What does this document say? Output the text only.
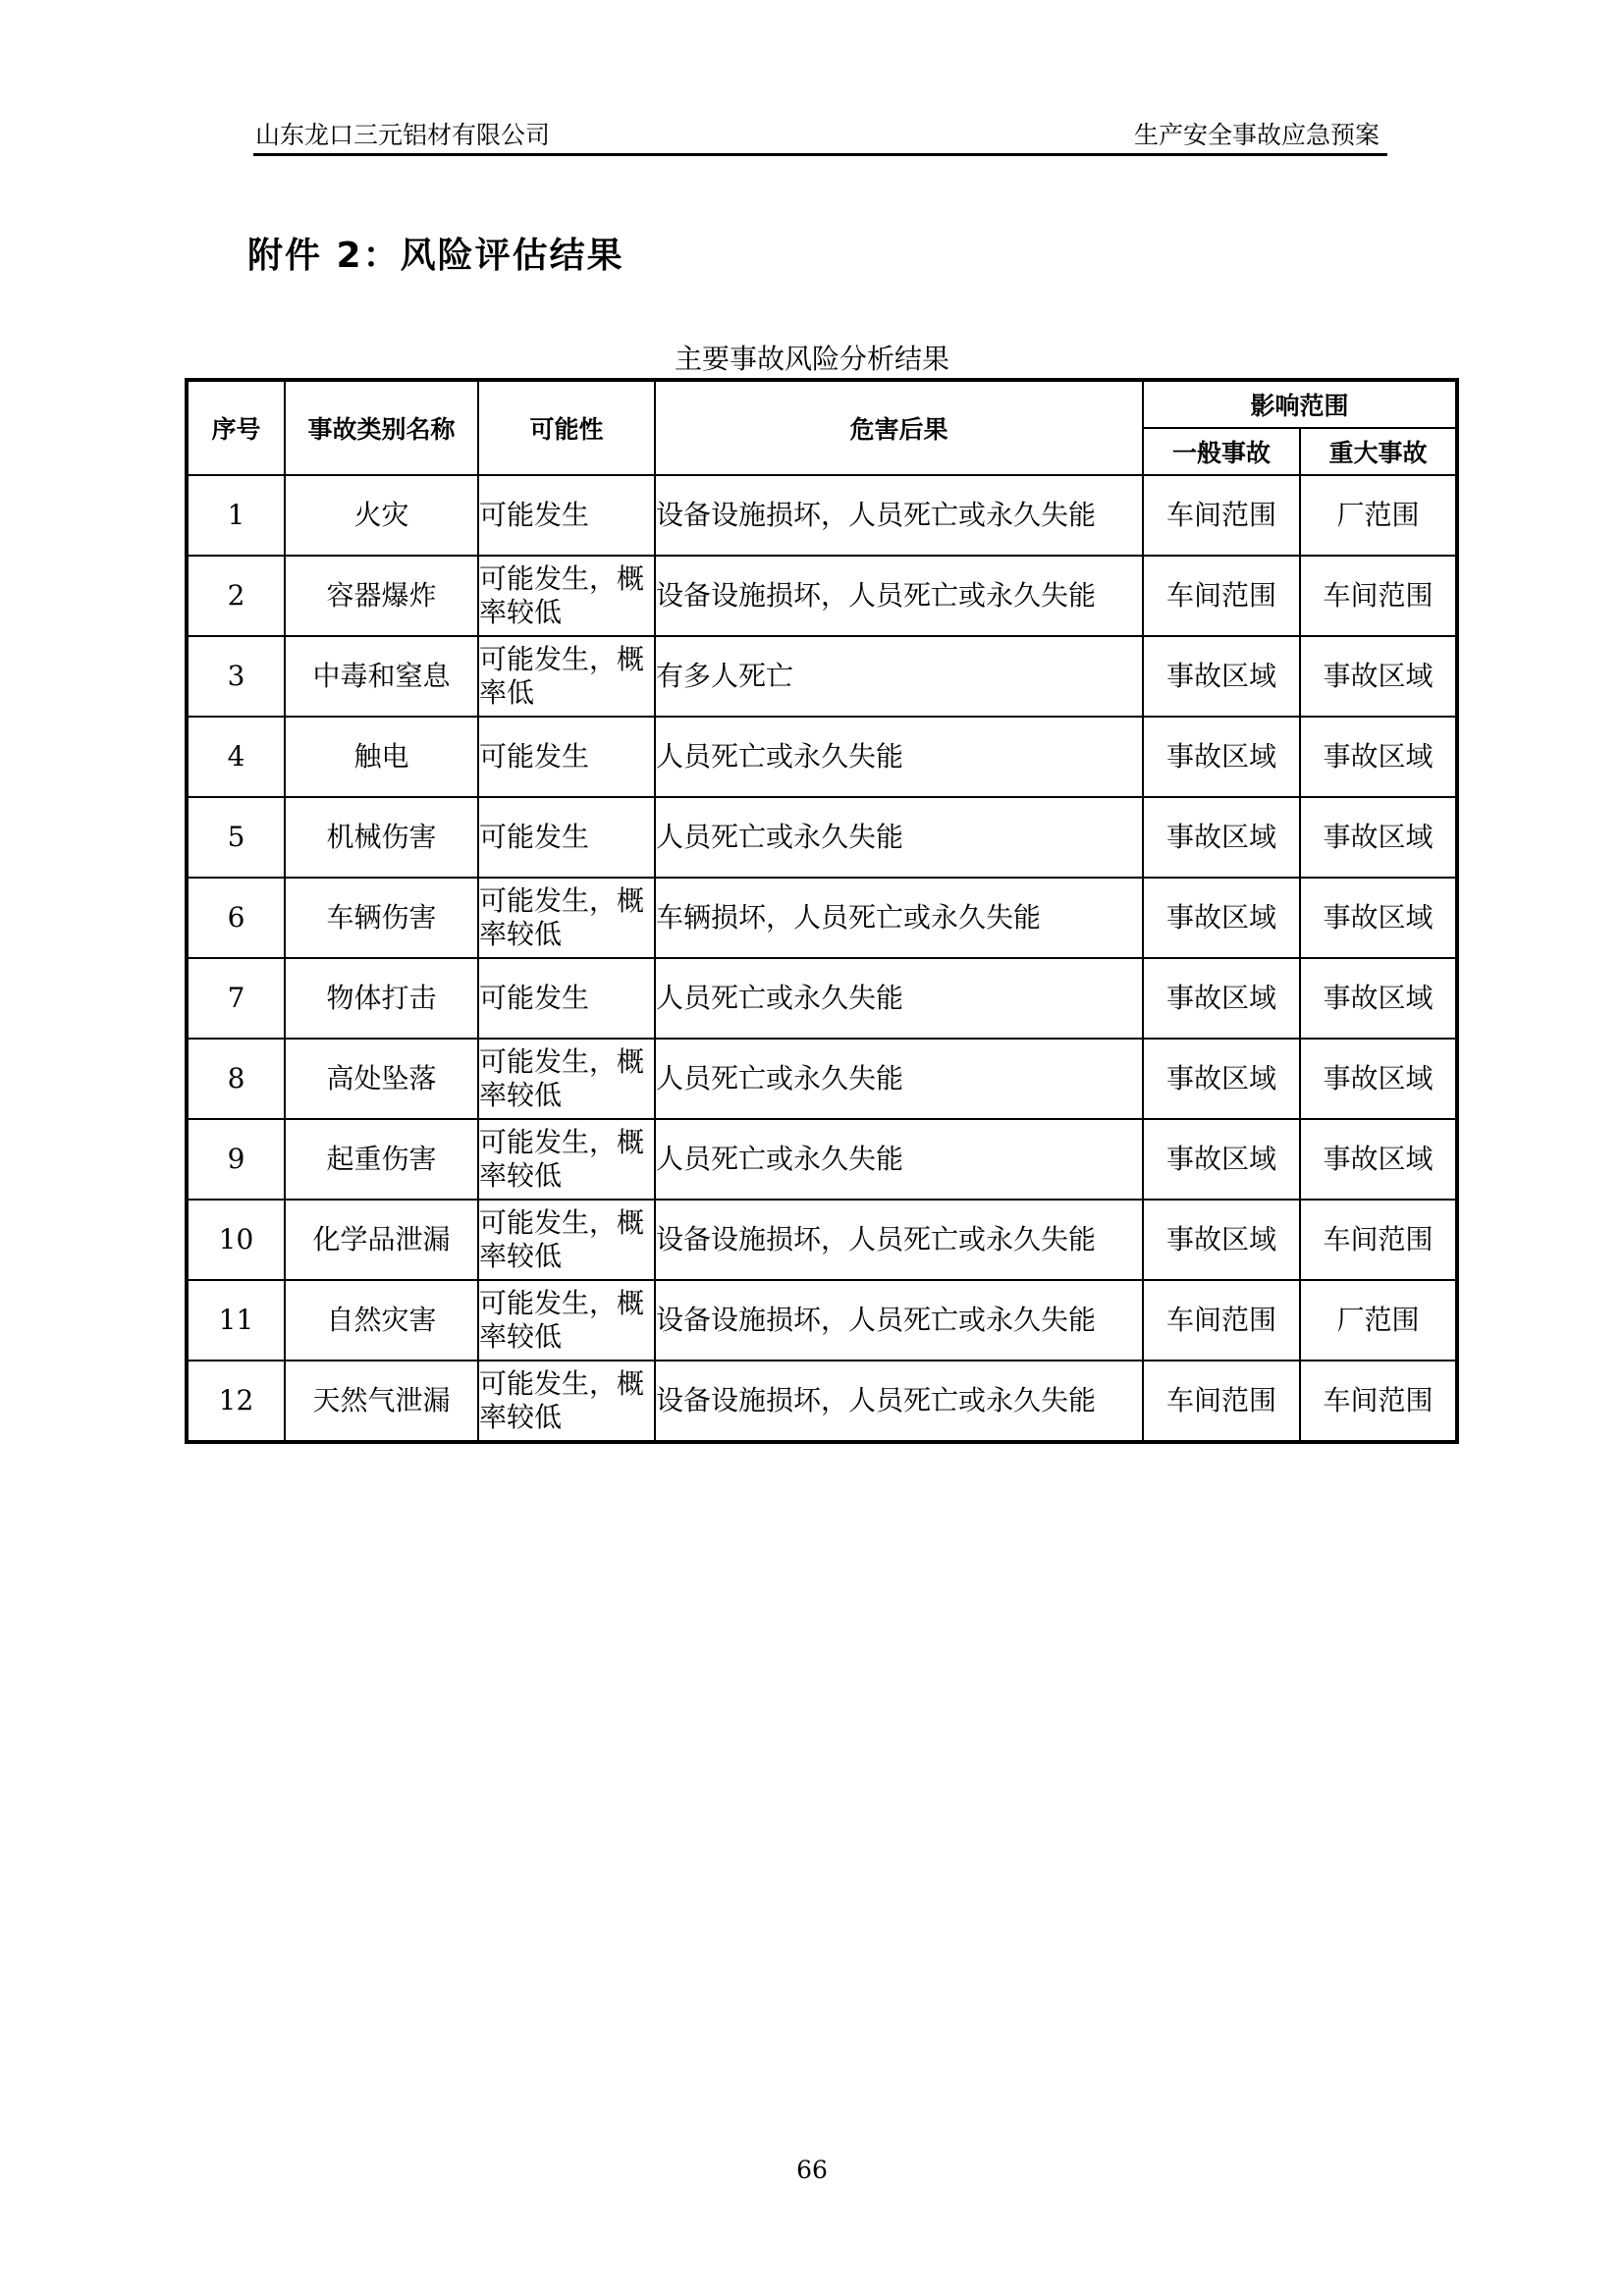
山东龙口三元铝材有限公司	生产安全事故应急预案
附件 2：风险评估结果
主要事故风险分析结果
序号	事故类别名称	可能性	危害后果	影响范围	
				一般事故	重大事故
1	火灾	可能发生	设备设施损坏，人员死亡或永久失能	车间范围	厂范围
2	容器爆炸	可能发生，概率较低	设备设施损坏，人员死亡或永久失能	车间范围	车间范围
3	中毒和窒息	可能发生，概率低	有多人死亡	事故区域	事故区域
4	触电	可能发生	人员死亡或永久失能	事故区域	事故区域
5	机械伤害	可能发生	人员死亡或永久失能	事故区域	事故区域
6	车辆伤害	可能发生，概率较低	车辆损坏，人员死亡或永久失能	事故区域	事故区域
7	物体打击	可能发生	人员死亡或永久失能	事故区域	事故区域
8	高处坠落	可能发生，概率较低	人员死亡或永久失能	事故区域	事故区域
9	起重伤害	可能发生，概率较低	人员死亡或永久失能	事故区域	事故区域
10	化学品泄漏	可能发生，概率较低	设备设施损坏，人员死亡或永久失能	事故区域	车间范围
11	自然灾害	可能发生，概率较低	设备设施损坏，人员死亡或永久失能	车间范围	厂范围
12	天然气泄漏	可能发生，概率较低	设备设施损坏，人员死亡或永久失能	车间范围	车间范围
66
